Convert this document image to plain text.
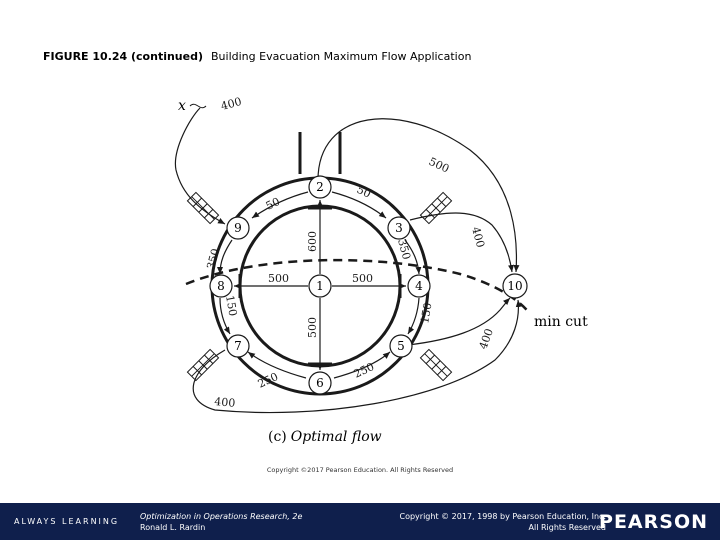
FIGURE 10.24 (continued) Building Evacuation Maximum Flow Application
1
2
3
4
6
7
8
9
5
10
x	400
500
400
400
400
50
50
350
350
150	150
250	250
500	500
600
500	min cut
(c) Optimal flow
Copyright ©2017 Pearson Education. All Rights Reserved
ALWAYS LEARNING
Optimization in Operations Research, 2e
Ronald L. Rardin
Copyright © 2017, 1998 by Pearson Education, Inc.
All Rights Reserved
PEARSON
